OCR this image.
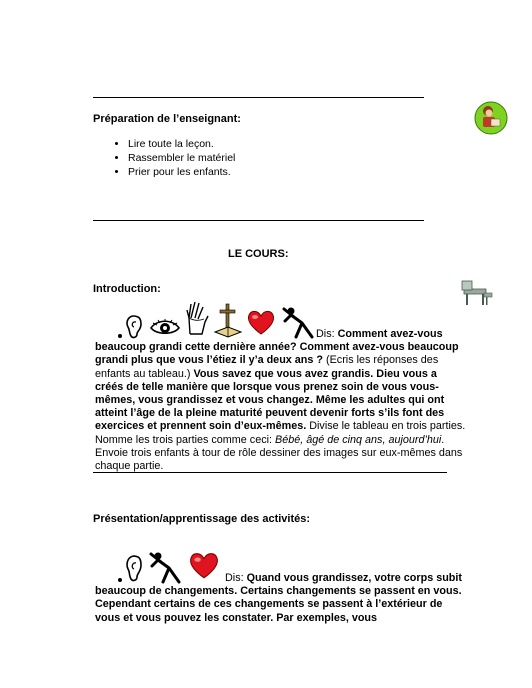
Préparation de l’enseignant:
• Lire toute la leçon.
• Rassembler le matériel
• Prier pour les enfants.
LE COURS:
Introduction:
Dis: Comment avez-vous beaucoup grandi cette dernière année? Comment avez-vous beaucoup grandi plus que vous l’étiez il y’a deux ans ? (Ecris les réponses des enfants au tableau.) Vous savez que vous avez grandis. Dieu vous a créés de telle manière que lorsque vous prenez soin de vous vous-mêmes, vous grandissez et vous changez. Même les adultes qui ont atteint l’âge de la pleine maturité peuvent devenir forts s’ils font des exercices et prennent soin d’eux-mêmes. Divise le tableau en trois parties. Nomme les trois parties comme ceci: Bébé, âgé de cinq ans, aujourd’hui. Envoie trois enfants à tour de rôle dessiner des images sur eux-mêmes dans chaque partie.
Présentation/apprentissage des activités:
Dis: Quand vous grandissez, votre corps subit beaucoup de changements. Certains changements se passent en vous. Cependant certains de ces changements se passent à l’extérieur de vous et vous pouvez les constater. Par exemples, vous
